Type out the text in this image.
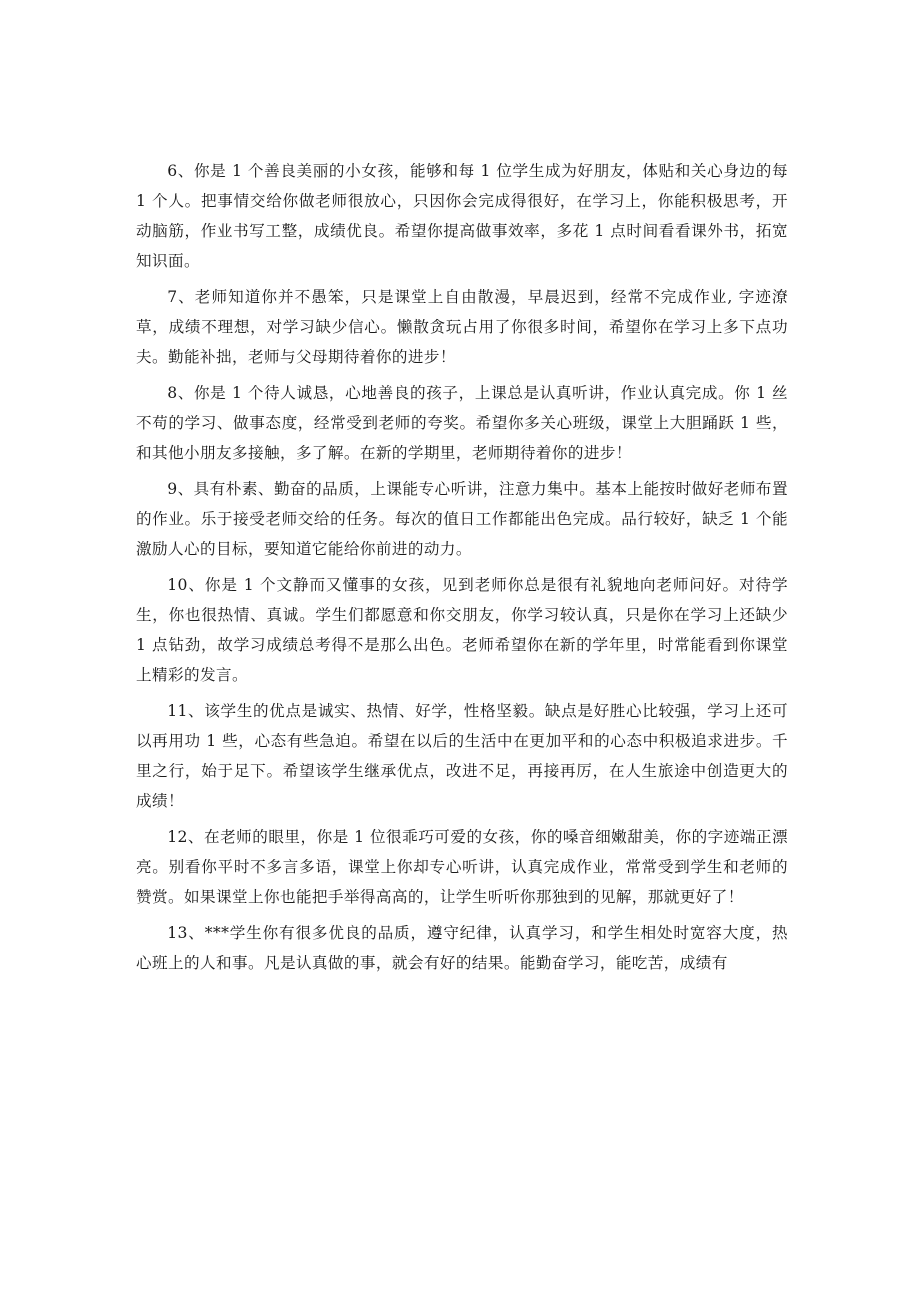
6、你是 1 个善良美丽的小女孩，能够和每 1 位学生成为好朋友，体贴和关心身边的每 1 个人。把事情交给你做老师很放心，只因你会完成得很好，在学习上，你能积极思考，开动脑筋，作业书写工整，成绩优良。希望你提高做事效率，多花 1 点时间看看课外书，拓宽知识面。

7、老师知道你并不愚笨，只是课堂上自由散漫，早晨迟到，经常不完成作业, 字迹潦草，成绩不理想，对学习缺少信心。懒散贪玩占用了你很多时间，希望你在学习上多下点功夫。勤能补拙，老师与父母期待着你的进步！

8、你是 1 个待人诚恳，心地善良的孩子，上课总是认真听讲，作业认真完成。你 1 丝不苟的学习、做事态度，经常受到老师的夸奖。希望你多关心班级，课堂上大胆踊跃 1 些，和其他小朋友多接触，多了解。在新的学期里，老师期待着你的进步！

9、具有朴素、勤奋的品质，上课能专心听讲，注意力集中。基本上能按时做好老师布置的作业。乐于接受老师交给的任务。每次的值日工作都能出色完成。品行较好，缺乏 1 个能激励人心的目标，要知道它能给你前进的动力。

10、你是 1 个文静而又懂事的女孩，见到老师你总是很有礼貌地向老师问好。对待学生，你也很热情、真诚。学生们都愿意和你交朋友，你学习较认真，只是你在学习上还缺少 1 点钻劲，故学习成绩总考得不是那么出色。老师希望你在新的学年里，时常能看到你课堂上精彩的发言。

11、该学生的优点是诚实、热情、好学，性格坚毅。缺点是好胜心比较强，学习上还可以再用功 1 些，心态有些急迫。希望在以后的生活中在更加平和的心态中积极追求进步。千里之行，始于足下。希望该学生继承优点，改进不足，再接再厉，在人生旅途中创造更大的成绩！

12、在老师的眼里，你是 1 位很乖巧可爱的女孩，你的嗓音细嫩甜美，你的字迹端正漂亮。别看你平时不多言多语，课堂上你却专心听讲，认真完成作业，常常受到学生和老师的赞赏。如果课堂上你也能把手举得高高的，让学生听听你那独到的见解，那就更好了！

13、***学生你有很多优良的品质，遵守纪律，认真学习，和学生相处时宽容大度，热心班上的人和事。凡是认真做的事，就会有好的结果。能勤奋学习，能吃苦，成绩有
